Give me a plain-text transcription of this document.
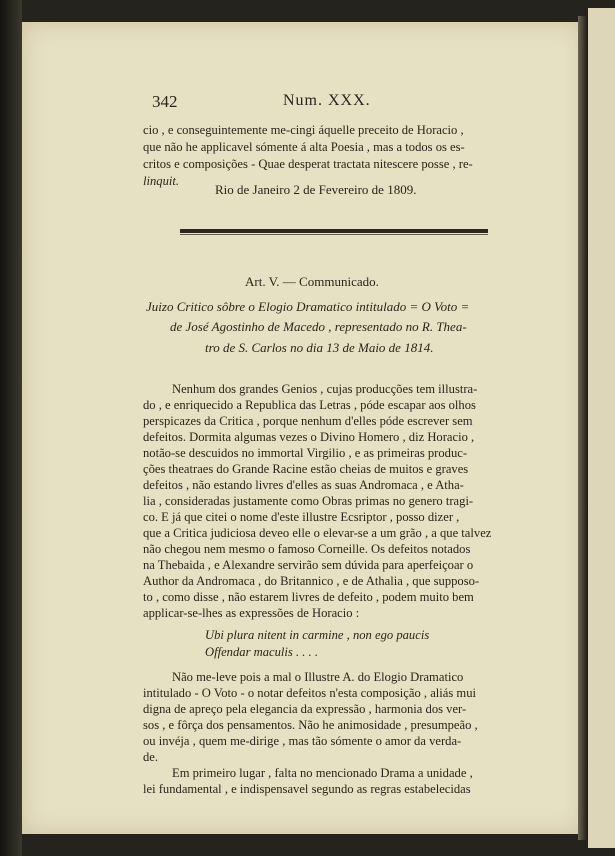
342	Num. XXX.
cio , e conseguintemente me-cingi áquelle preceito de Horacio ,
que não he applicavel sómente á alta Poesia , mas a todos os es-
critos e composições - Quae desperat tractata nitescere posse , re-
linquit.
Rio de Janeiro 2 de Fevereiro de 1809.
Art. V. — Communicado.
Juizo Critico sôbre o Elogio Dramatico intitulado = O Voto =
de José Agostinho de Macedo , representado no R. Thea-
tro de S. Carlos no dia 13 de Maio de 1814.
Nenhum dos grandes Genios , cujas producções tem illustra-
do , e enriquecido a Republica das Letras , póde escapar aos olhos
perspicazes da Critica , porque nenhum d'elles póde escrever sem
defeitos. Dormita algumas vezes o Divino Homero , diz Horacio ,
notão-se descuidos no immortal Virgilio , e as primeiras produc-
ções theatraes do Grande Racine estão cheias de muitos e graves
defeitos , não estando livres d'elles as suas Andromaca , e Atha-
lia , consideradas justamente como Obras primas no genero tragi-
co. E já que citei o nome d'este illustre Ecsriptor , posso dizer ,
que a Critica judiciosa deveo elle o elevar-se a um grão , a que talvez
não chegou nem mesmo o famoso Corneille. Os defeitos notados
na Thebaida , e Alexandre servirão sem dúvida para aperfeiçoar o
Author da Andromaca , do Britannico , e de Athalia , que supposo-
to , como disse , não estarem livres de defeito , podem muito bem
applicar-se-lhes as expressões de Horacio :
Ubi plura nitent in carmine , non ego paucis
Offendar maculis . . . .
Não me-leve pois a mal o Illustre A. do Elogio Dramatico
intitulado - O Voto - o notar defeitos n'esta composição , aliás mui
digna de apreço pela elegancia da expressão , harmonia dos ver-
sos , e fôrça dos pensamentos. Não he animosidade , presumpeão ,
ou invéja , quem me-dirige , mas tão sómente o amor da verda-
de.
Em primeiro lugar , falta no mencionado Drama a unidade ,
lei fundamental , e indispensavel segundo as regras estabelecidas
